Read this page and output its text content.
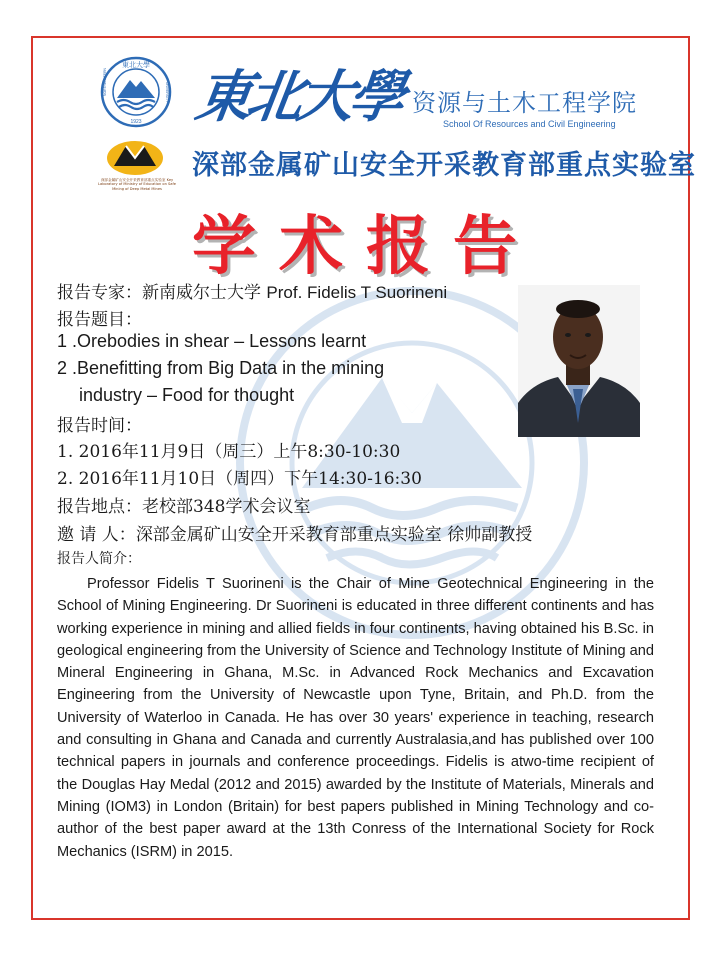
東北大學
1923
NORTHEASTERN	UNIVERSITY
深部金属矿山安全开采教育部重点实验室 Key Laboratory of Ministry of Education on Safe Mining of Deep Metal Mines
東北大學 资源与土木工程学院
School Of Resources and Civil Engineering
深部金属矿山安全开采教育部重点实验室
学术报告
报告专家：新南威尔士大学 Prof. Fidelis T Suorineni
报告题目：
1 .Orebodies in shear – Lessons learnt
2 .Benefitting from Big Data in the mining
industry – Food for thought
报告时间：
1. 2016年11月9日（周三）上午8:30-10:30
2. 2016年11月10日（周四）下午14:30-16:30
报告地点：老校部348学术会议室
邀 请 人：深部金属矿山安全开采教育部重点实验室 徐帅副教授
报告人简介：
Professor Fidelis T Suorineni is the Chair of Mine Geotechnical Engineering in the School of Mining Engineering. Dr Suorineni is educated in three different continents and has working experience in mining and allied fields in four continents, having obtained his B.Sc. in geological engineering from the University of Science and Technology Institute of Mining and Mineral Engineering in Ghana, M.Sc. in Advanced Rock Mechanics and Excavation Engineering from the University of Newcastle upon Tyne, Britain, and Ph.D. from the University of Waterloo in Canada. He has over 30 years' experience in teaching, research and consulting in Ghana and Canada and currently Australasia,and has published over 100 technical papers in journals and conference proceedings. Fidelis is atwo-time recipient of the Douglas Hay Medal (2012 and 2015) awarded by the Institute of Materials, Minerals and Mining (IOM3) in London (Britain) for best papers published in Mining Technology and co-author of the best paper award at the 13th Conress of the International Society for Rock Mechanics (ISRM) in 2015.
